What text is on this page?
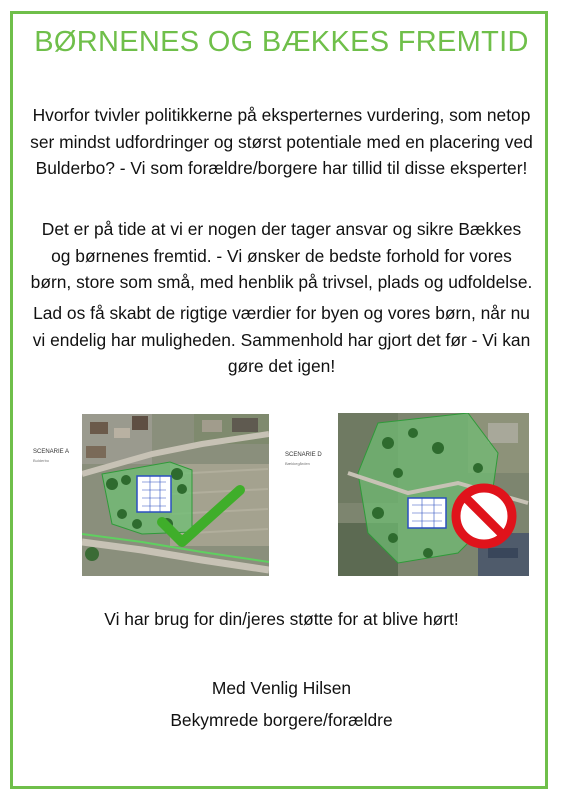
BØRNENES OG BÆKKES FREMTID

Hvorfor tvivler politikkerne på eksperternes vurdering, som netop ser mindst udfordringer og størst potentiale med en placering ved Bulderbo? - Vi som forældre/borgere har tillid til disse eksperter!

Det er på tide at vi er nogen der tager ansvar og sikre Bækkes og børnenes fremtid. - Vi ønsker de bedste forhold for vores børn, store som små, med henblik på trivsel, plads og udfoldelse.

Lad os få skabt de rigtige værdier for byen og vores børn, når nu vi endelig har muligheden. Sammenhold har gjort det før - Vi kan gøre det igen!

SCENARIE A
Bulderbo
SCENARIE D
Bækkegården
Vi har brug for din/jeres støtte for at blive hørt!
Med Venlig Hilsen
Bekymrede borgere/forældre
